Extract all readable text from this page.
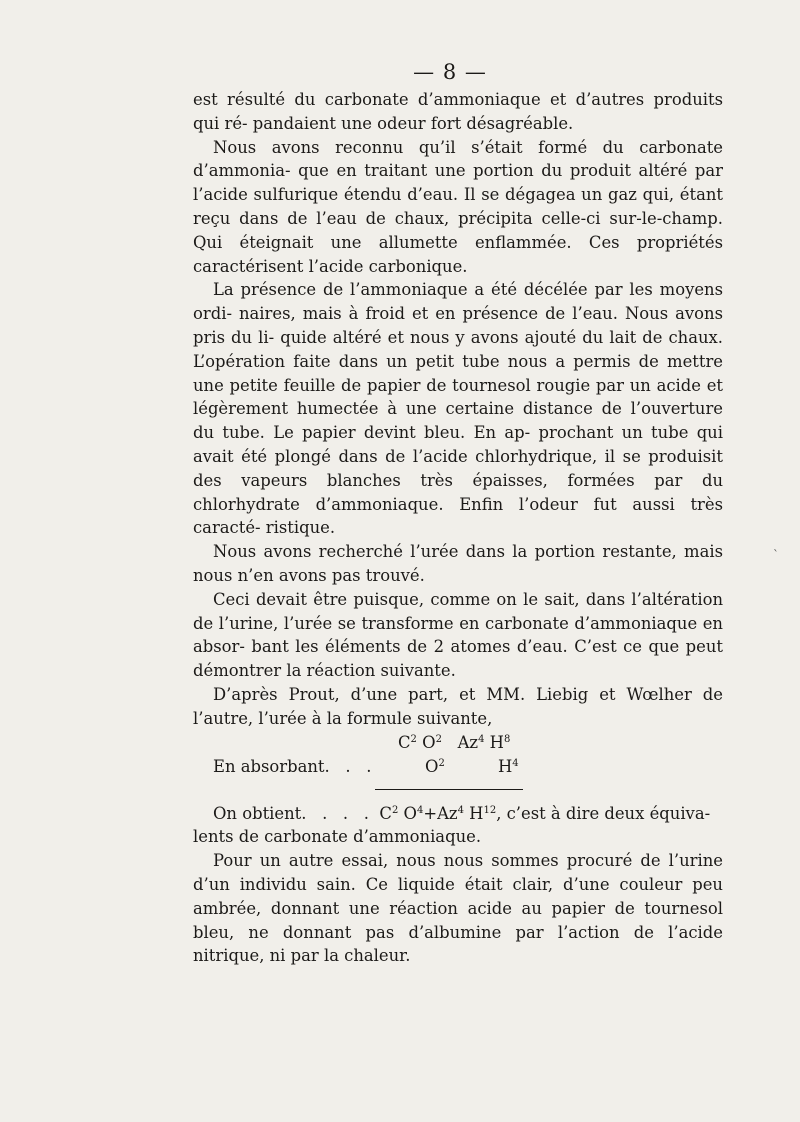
— 8 —

est résulté du carbonate d’ammoniaque et d’autres produits qui ré- pandaient une odeur fort désagréable.

Nous avons reconnu qu’il s’était formé du carbonate d’ammonia- que en traitant une portion du produit altéré par l’acide sulfurique étendu d’eau. Il se dégagea un gaz qui, étant reçu dans de l’eau de chaux, précipita celle-ci sur-le-champ. Qui éteignait une allumette enflammée. Ces propriétés caractérisent l’acide carbonique.

La présence de l’ammoniaque a été décélée par les moyens ordi- naires, mais à froid et en présence de l’eau. Nous avons pris du li- quide altéré et nous y avons ajouté du lait de chaux. L’opération faite dans un petit tube nous a permis de mettre une petite feuille de papier de tournesol rougie par un acide et légèrement humectée à une certaine distance de l’ouverture du tube. Le papier devint bleu. En ap- prochant un tube qui avait été plongé dans de l’acide chlorhydrique, il se produisit des vapeurs blanches très épaisses, formées par du chlorhydrate d’ammoniaque. Enfin l’odeur fut aussi très caracté- ristique.

Nous avons recherché l’urée dans la portion restante, mais nous n’en avons pas trouvé.

Ceci devait être puisque, comme on le sait, dans l’altération de l’urine, l’urée se transforme en carbonate d’ammoniaque en absor- bant les éléments de 2 atomes d’eau. C’est ce que peut démontrer la réaction suivante.

D’après Prout, d’une part, et MM. Liebig et Wœlher de l’autre, l’urée à la formule suivante,

$C^2$ $O^2$ Az$^4$ $H^8$
En absorbant.   .   .	$O^2$	$H^4$

On obtient.   .   .   . $C^2$ $O^4+Az^4$ $H^{12}$, c’est à dire deux équiva-

lents de carbonate d’ammoniaque.

Pour un autre essai, nous nous sommes procuré de l’urine d’un individu sain. Ce liquide était clair, d’une couleur peu ambrée, donnant une réaction acide au papier de tournesol bleu, ne donnant pas d’albumine par l’action de l’acide nitrique, ni par la chaleur.

`
